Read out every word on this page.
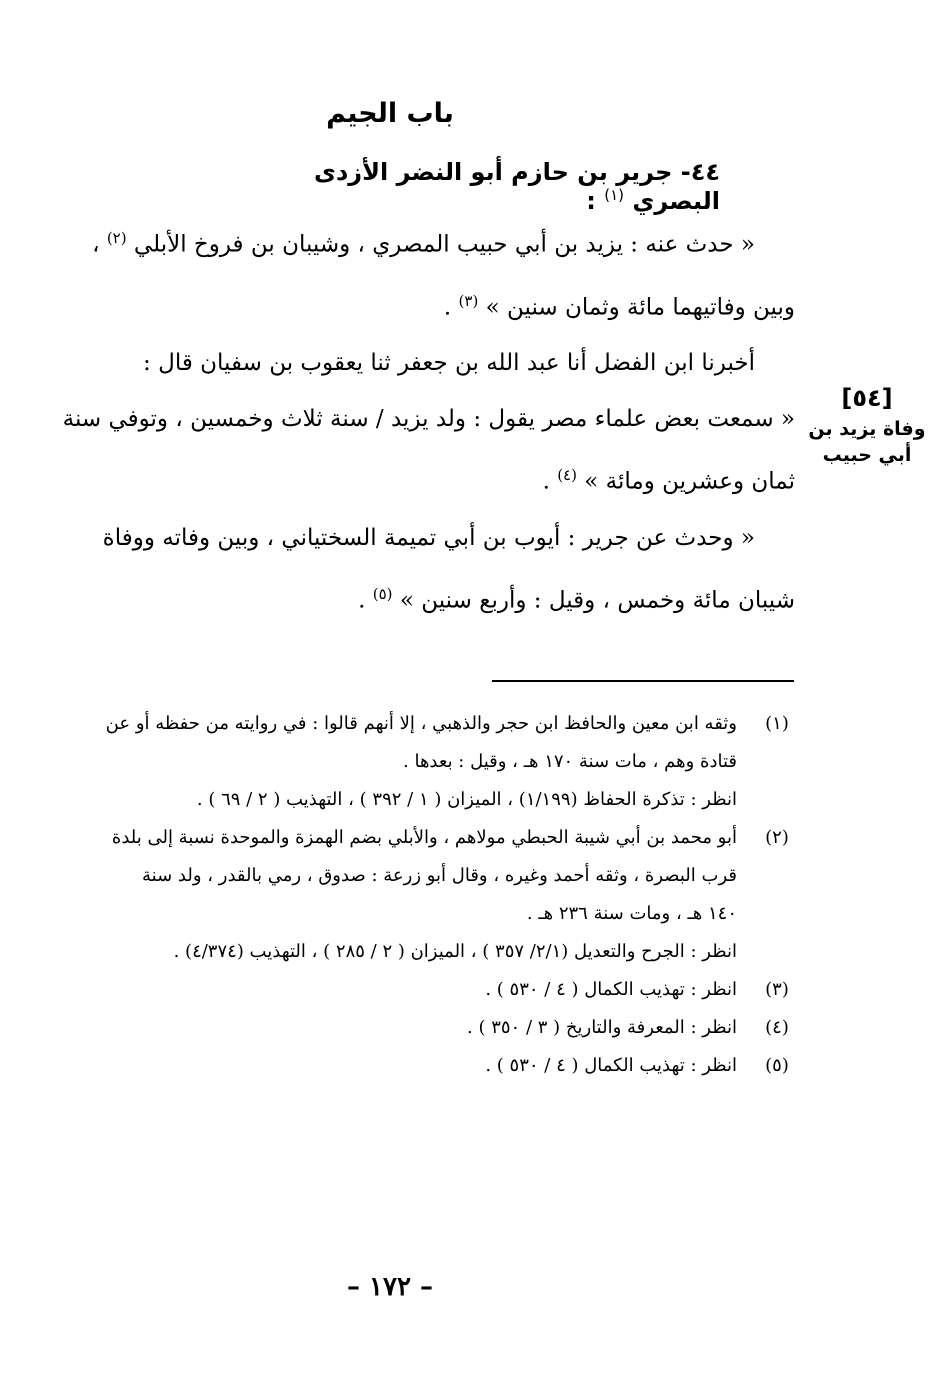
باب الجيم
٤٤- جرير بن حازم أبو النضر الأزدى البصري $^{(١)}$ :

« حدث عنه : يزيد بن أبي حبيب المصري ، وشيبان بن فروخ الأبلي $^{(٢)}$ ،

وبين وفاتيهما مائة وثمان سنين » $^{(٣)}$ .

أخبرنا ابن الفضل أنا عبد الله بن جعفر ثنا يعقوب بن سفيان قال :

« سمعت بعض علماء مصر يقول : ولد يزيد / سنة ثلاث وخمسين ، وتوفي سنة

ثمان وعشرين ومائة » $^{(٤)}$ .

« وحدث عن جرير : أيوب بن أبي تميمة السختياني ، وبين وفاته ووفاة

شيبان مائة وخمس ، وقيل : وأربع سنين » $^{(٥)}$ .

[٥٤]
وفاة يزيد بن أبي حبيب
(١)
وثقه ابن معين والحافظ ابن حجر والذهبي ، إلا أنهم قالوا : في روايته من حفظه أو عن
قتادة وهم ، مات سنة ١٧٠ هـ ، وقيل : بعدها .
انظر : تذكرة الحفاظ (١/١٩٩) ، الميزان ( ١ / ٣٩٢ ) ، التهذيب ( ٢ / ٦٩ ) .
(٢)
أبو محمد بن أبي شيبة الحبطي مولاهم ، والأبلي بضم الهمزة والموحدة نسبة إلى بلدة
قرب البصرة ، وثقه أحمد وغيره ، وقال أبو زرعة : صدوق ، رمي بالقدر ، ولد سنة
١٤٠ هـ ، ومات سنة ٢٣٦ هـ .
انظر : الجرح والتعديل (٢/١/ ٣٥٧ ) ، الميزان ( ٢ / ٢٨٥ ) ، التهذيب (٤/٣٧٤) .
(٣)
انظر : تهذيب الكمال ( ٤ / ٥٣٠ ) .
(٤)
انظر : المعرفة والتاريخ ( ٣ / ٣٥٠ ) .
(٥)
انظر : تهذيب الكمال ( ٤ / ٥٣٠ ) .
– ١٧٢ –
